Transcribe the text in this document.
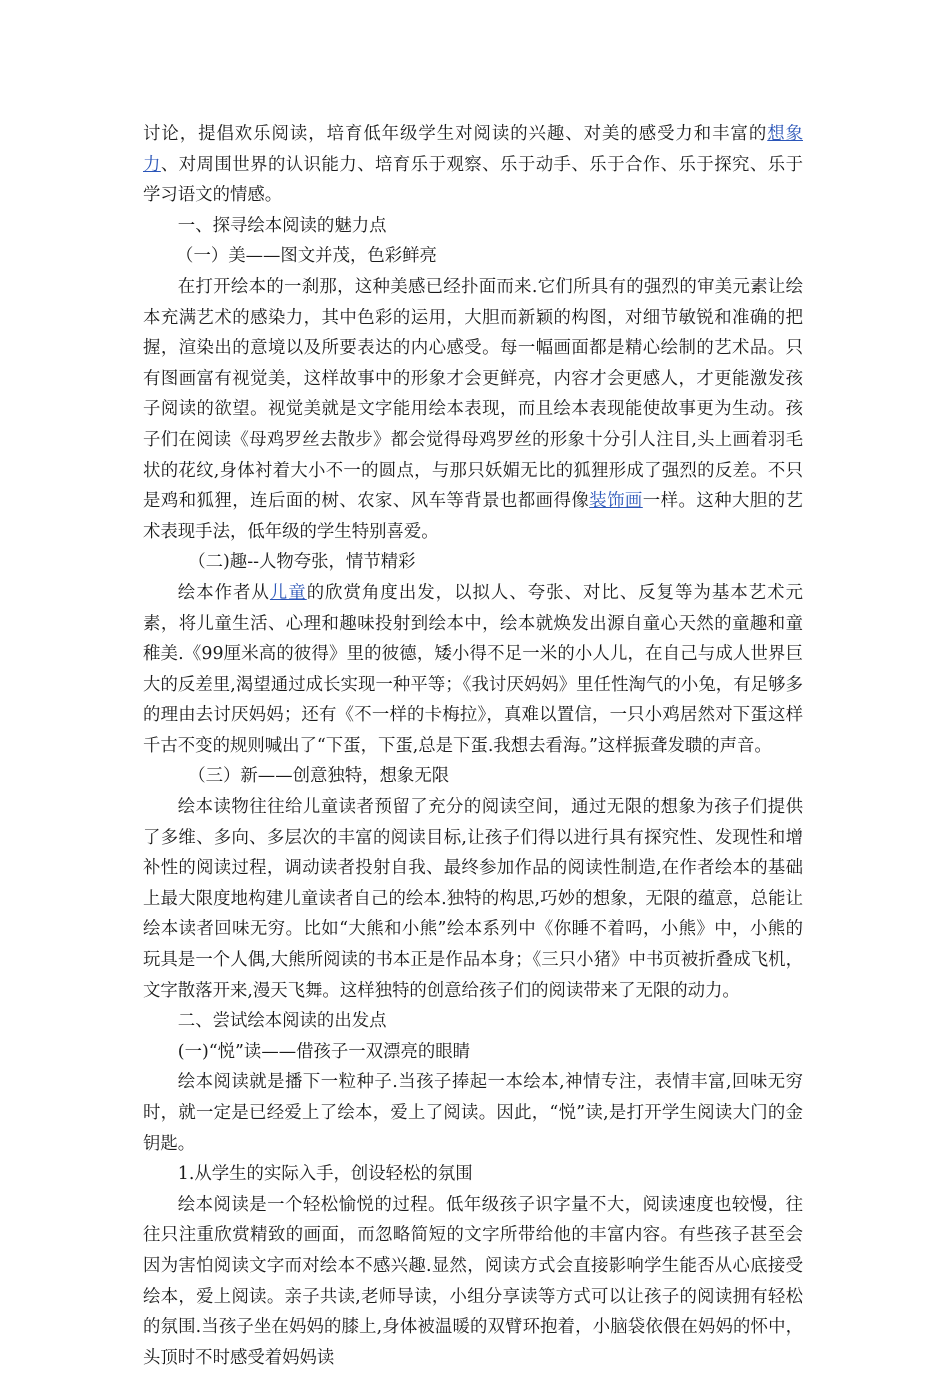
讨论，提倡欢乐阅读，培育低年级学生对阅读的兴趣、对美的感受力和丰富的想象力、对周围世界的认识能力、培育乐于观察、乐于动手、乐于合作、乐于探究、乐于学习语文的情感。

一、探寻绘本阅读的魅力点

（一）美——图文并茂，色彩鲜亮

在打开绘本的一刹那，这种美感已经扑面而来.它们所具有的强烈的审美元素让绘本充满艺术的感染力，其中色彩的运用，大胆而新颖的构图，对细节敏锐和准确的把握，渲染出的意境以及所要表达的内心感受。每一幅画面都是精心绘制的艺术品。只有图画富有视觉美，这样故事中的形象才会更鲜亮，内容才会更感人，才更能激发孩子阅读的欲望。视觉美就是文字能用绘本表现，而且绘本表现能使故事更为生动。孩子们在阅读《母鸡罗丝去散步》都会觉得母鸡罗丝的形象十分引人注目,头上画着羽毛状的花纹,身体衬着大小不一的圆点，与那只妖媚无比的狐狸形成了强烈的反差。不只是鸡和狐狸，连后面的树、农家、风车等背景也都画得像装饰画一样。这种大胆的艺术表现手法，低年级的学生特别喜爱。

（二)趣--人物夸张，情节精彩

绘本作者从儿童的欣赏角度出发，以拟人、夸张、对比、反复等为基本艺术元素，将儿童生活、心理和趣味投射到绘本中，绘本就焕发出源自童心天然的童趣和童稚美.《99厘米高的彼得》里的彼德，矮小得不足一米的小人儿，在自己与成人世界巨大的反差里,渴望通过成长实现一种平等；《我讨厌妈妈》里任性淘气的小兔，有足够多的理由去讨厌妈妈；还有《不一样的卡梅拉》，真难以置信，一只小鸡居然对下蛋这样千古不变的规则喊出了“下蛋，下蛋,总是下蛋.我想去看海。”这样振聋发聩的声音。

（三）新——创意独特，想象无限

绘本读物往往给儿童读者预留了充分的阅读空间，通过无限的想象为孩子们提供了多维、多向、多层次的丰富的阅读目标,让孩子们得以进行具有探究性、发现性和增补性的阅读过程，调动读者投射自我、最终参加作品的阅读性制造,在作者绘本的基础上最大限度地构建儿童读者自己的绘本.独特的构思,巧妙的想象，无限的蕴意，总能让绘本读者回味无穷。比如“大熊和小熊”绘本系列中《你睡不着吗，小熊》中，小熊的玩具是一个人偶,大熊所阅读的书本正是作品本身；《三只小猪》中书页被折叠成飞机，文字散落开来,漫天飞舞。这样独特的创意给孩子们的阅读带来了无限的动力。

二、尝试绘本阅读的出发点

(一)“悦”读——借孩子一双漂亮的眼睛

绘本阅读就是播下一粒种子.当孩子捧起一本绘本,神情专注，表情丰富,回味无穷时，就一定是已经爱上了绘本，爱上了阅读。因此，“悦”读,是打开学生阅读大门的金钥匙。

1.从学生的实际入手，创设轻松的氛围

绘本阅读是一个轻松愉悦的过程。低年级孩子识字量不大，阅读速度也较慢，往往只注重欣赏精致的画面，而忽略简短的文字所带给他的丰富内容。有些孩子甚至会因为害怕阅读文字而对绘本不感兴趣.显然，阅读方式会直接影响学生能否从心底接受绘本，爱上阅读。亲子共读,老师导读，小组分享读等方式可以让孩子的阅读拥有轻松的氛围.当孩子坐在妈妈的膝上,身体被温暖的双臂环抱着，小脑袋依偎在妈妈的怀中，头顶时不时感受着妈妈读
